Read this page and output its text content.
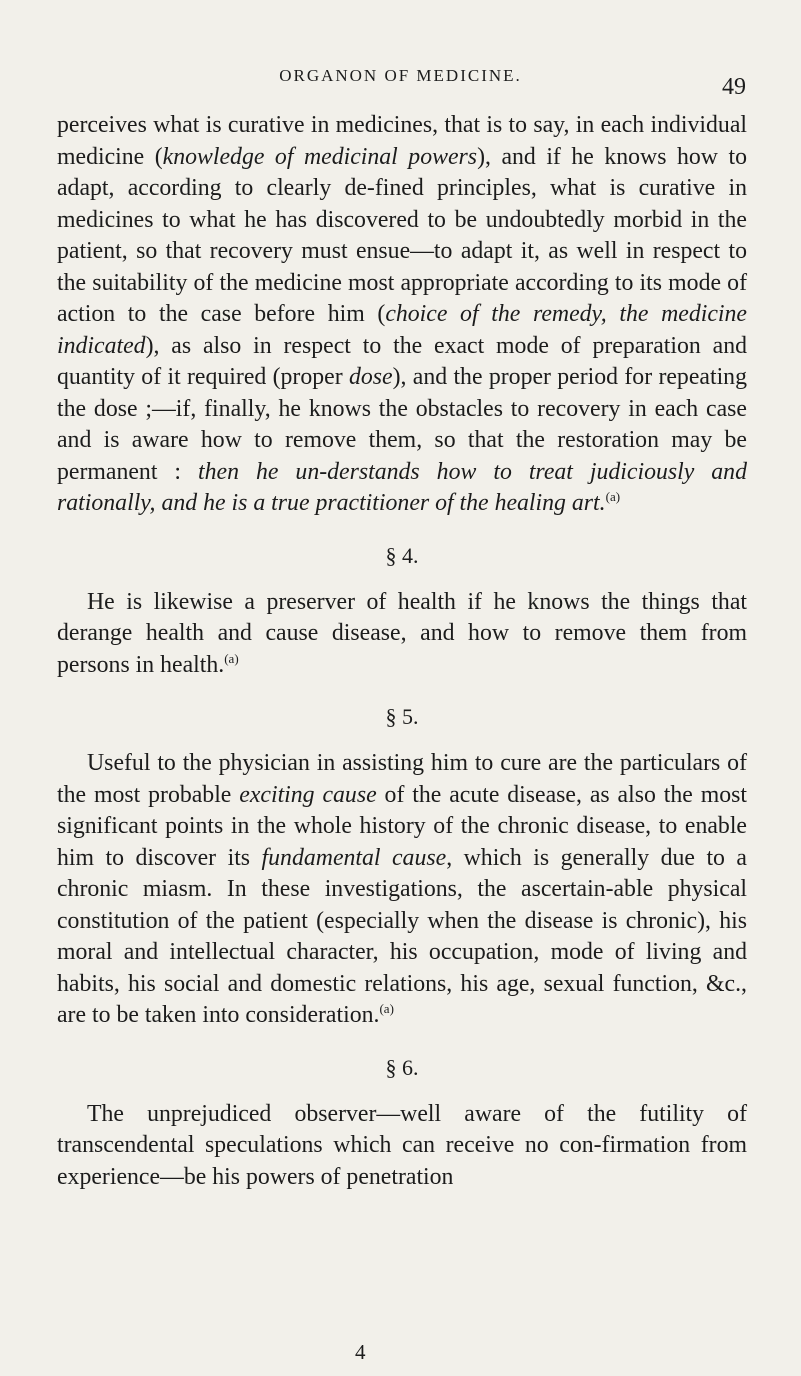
ORGANON OF MEDICINE.	49

perceives what is curative in medicines, that is to say, in each individual medicine (knowledge of medicinal powers), and if he knows how to adapt, according to clearly de-fined principles, what is curative in medicines to what he has discovered to be undoubtedly morbid in the patient, so that recovery must ensue—to adapt it, as well in respect to the suitability of the medicine most appropriate according to its mode of action to the case before him (choice of the remedy, the medicine indicated), as also in respect to the exact mode of preparation and quantity of it required (proper dose), and the proper period for repeating the dose ;—if, finally, he knows the obstacles to recovery in each case and is aware how to remove them, so that the restoration may be permanent : then he un-derstands how to treat judiciously and rationally, and he is a true practitioner of the healing art.$^{(a)}$

§ 4.

He is likewise a preserver of health if he knows the things that derange health and cause disease, and how to remove them from persons in health.$^{(a)}$

§ 5.

Useful to the physician in assisting him to cure are the particulars of the most probable exciting cause of the acute disease, as also the most significant points in the whole history of the chronic disease, to enable him to discover its fundamental cause, which is generally due to a chronic miasm. In these investigations, the ascertain-able physical constitution of the patient (especially when the disease is chronic), his moral and intellectual character, his occupation, mode of living and habits, his social and domestic relations, his age, sexual function, &c., are to be taken into consideration.$^{(a)}$

§ 6.

The unprejudiced observer—well aware of the futility of transcendental speculations which can receive no con-firmation from experience—be his powers of penetration

4
